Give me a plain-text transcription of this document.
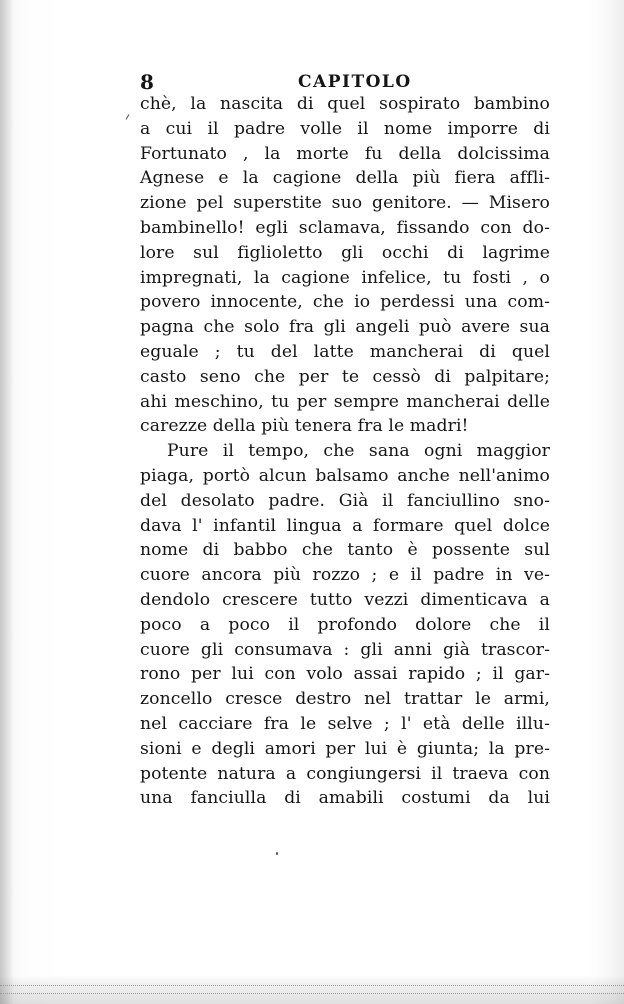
8	CAPITOLO
chè, la nascita di quel sospirato bambino
a cui il padre volle il nome imporre di
Fortunato , la morte fu della dolcissima
Agnese e la cagione della più fiera affli-
zione pel superstite suo genitore. — Misero
bambinello! egli sclamava, fissando con do-
lore sul figlioletto gli occhi di lagrime
impregnati, la cagione infelice, tu fosti , o
povero innocente, che io perdessi una com-
pagna che solo fra gli angeli può avere sua
eguale ; tu del latte mancherai di quel
casto seno che per te cessò di palpitare;
ahi meschino, tu per sempre mancherai delle
carezze della più tenera fra le madri!
Pure il tempo, che sana ogni maggior
piaga, portò alcun balsamo anche nell'animo
del desolato padre. Già il fanciullino sno-
dava l' infantil lingua a formare quel dolce
nome di babbo che tanto è possente sul
cuore ancora più rozzo ; e il padre in ve-
dendolo crescere tutto vezzi dimenticava a
poco a poco il profondo dolore che il
cuore gli consumava : gli anni già trascor-
rono per lui con volo assai rapido ; il gar-
zoncello cresce destro nel trattar le armi,
nel cacciare fra le selve ; l' età delle illu-
sioni e degli amori per lui è giunta; la pre-
potente natura a congiungersi il traeva con
una fanciulla di amabili costumi da lui
